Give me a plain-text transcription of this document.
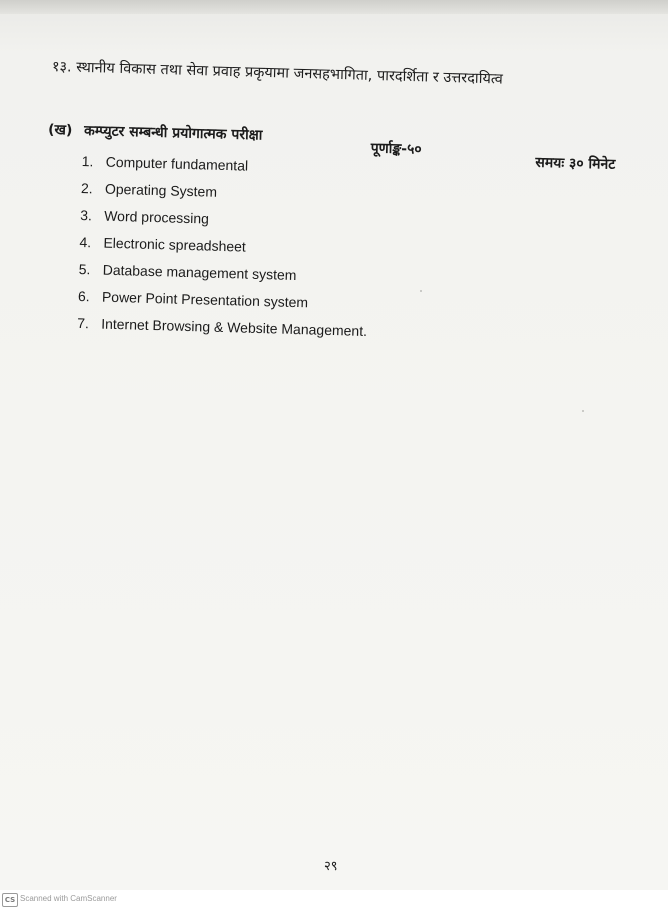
१३. स्थानीय विकास तथा सेवा प्रवाह प्रकृयामा जनसहभागिता, पारदर्शिता र उत्तरदायित्व
(ख) कम्प्युटर सम्बन्धी प्रयोगात्मक परीक्षा
पूर्णाङ्क-५०
समयः ३० मिनेट
1. Computer fundamental
2. Operating System
3. Word processing
4. Electronic spreadsheet
5. Database management system
6. Power Point Presentation system
7. Internet Browsing & Website Management.
२९
CS Scanned with CamScanner
